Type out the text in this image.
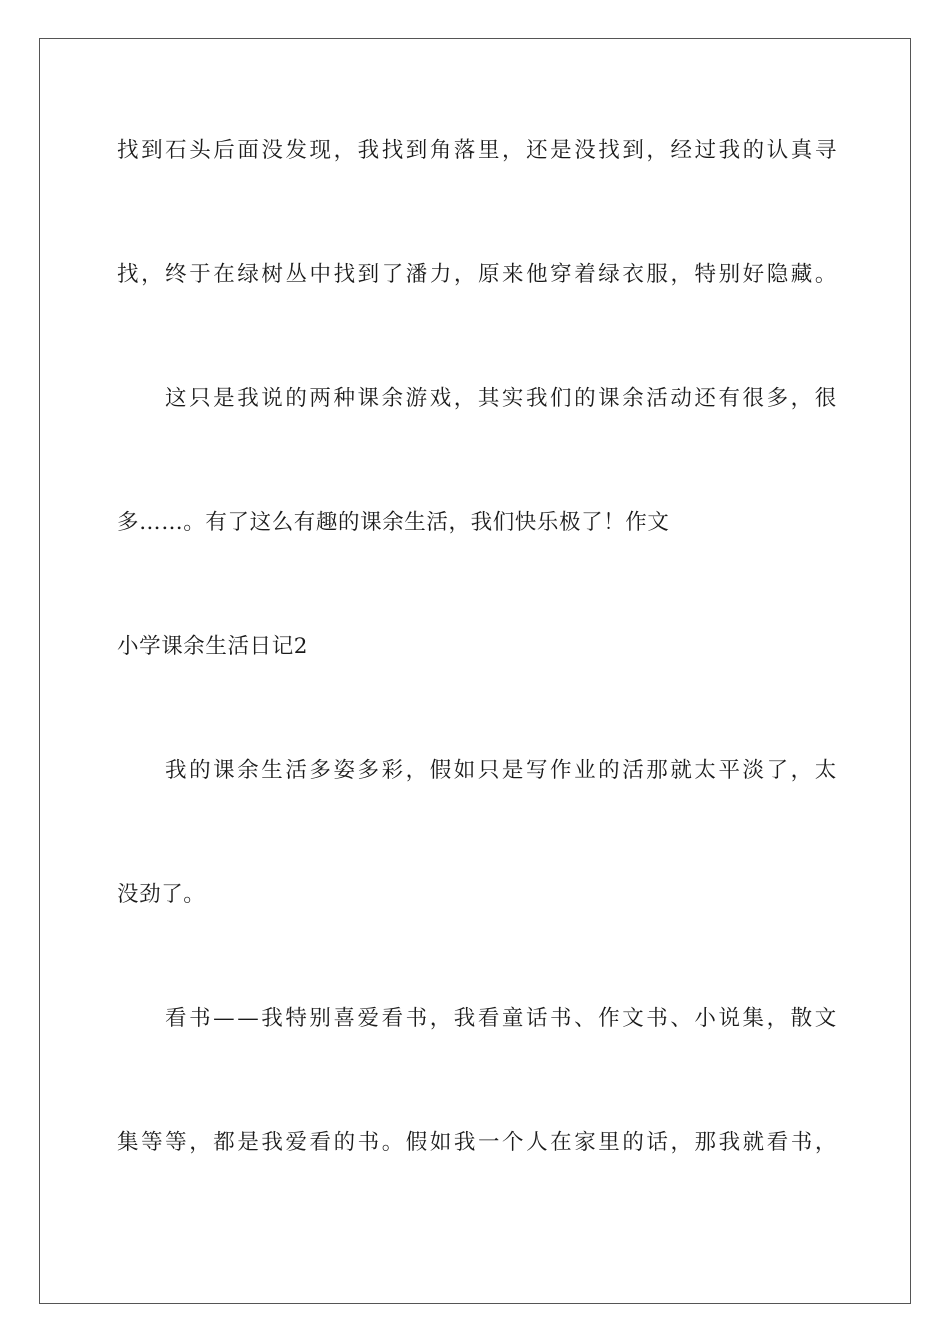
找 到 石 头 后 面 没 发 现 ， 我 找 到 角 落 里 ， 还 是 没 找 到 ， 经 过 我 的 认 真 寻
找 ， 终 于 在 绿 树 丛 中 找 到 了 潘 力 ， 原 来 他 穿 着 绿 衣 服 ， 特 别 好 隐 藏 。
这 只 是 我 说 的 两 种 课 余 游 戏 ， 其 实 我 们 的 课 余 活 动 还 有 很 多 ， 很
多……。有了这么有趣的课余生活，我们快乐极了！作文
小学课余生活日记2
我 的 课 余 生 活 多 姿 多 彩 ， 假 如 只 是 写 作 业 的 活 那 就 太 平 淡 了 ， 太
没劲了。
看 书 — — 我 特 别 喜 爱 看 书 ， 我 看 童 话 书 、 作 文 书 、 小 说 集 ， 散 文
集 等 等 ， 都 是 我 爱 看 的 书 。 假 如 我 一 个 人 在 家 里 的 话 ， 那 我 就 看 书 ，
